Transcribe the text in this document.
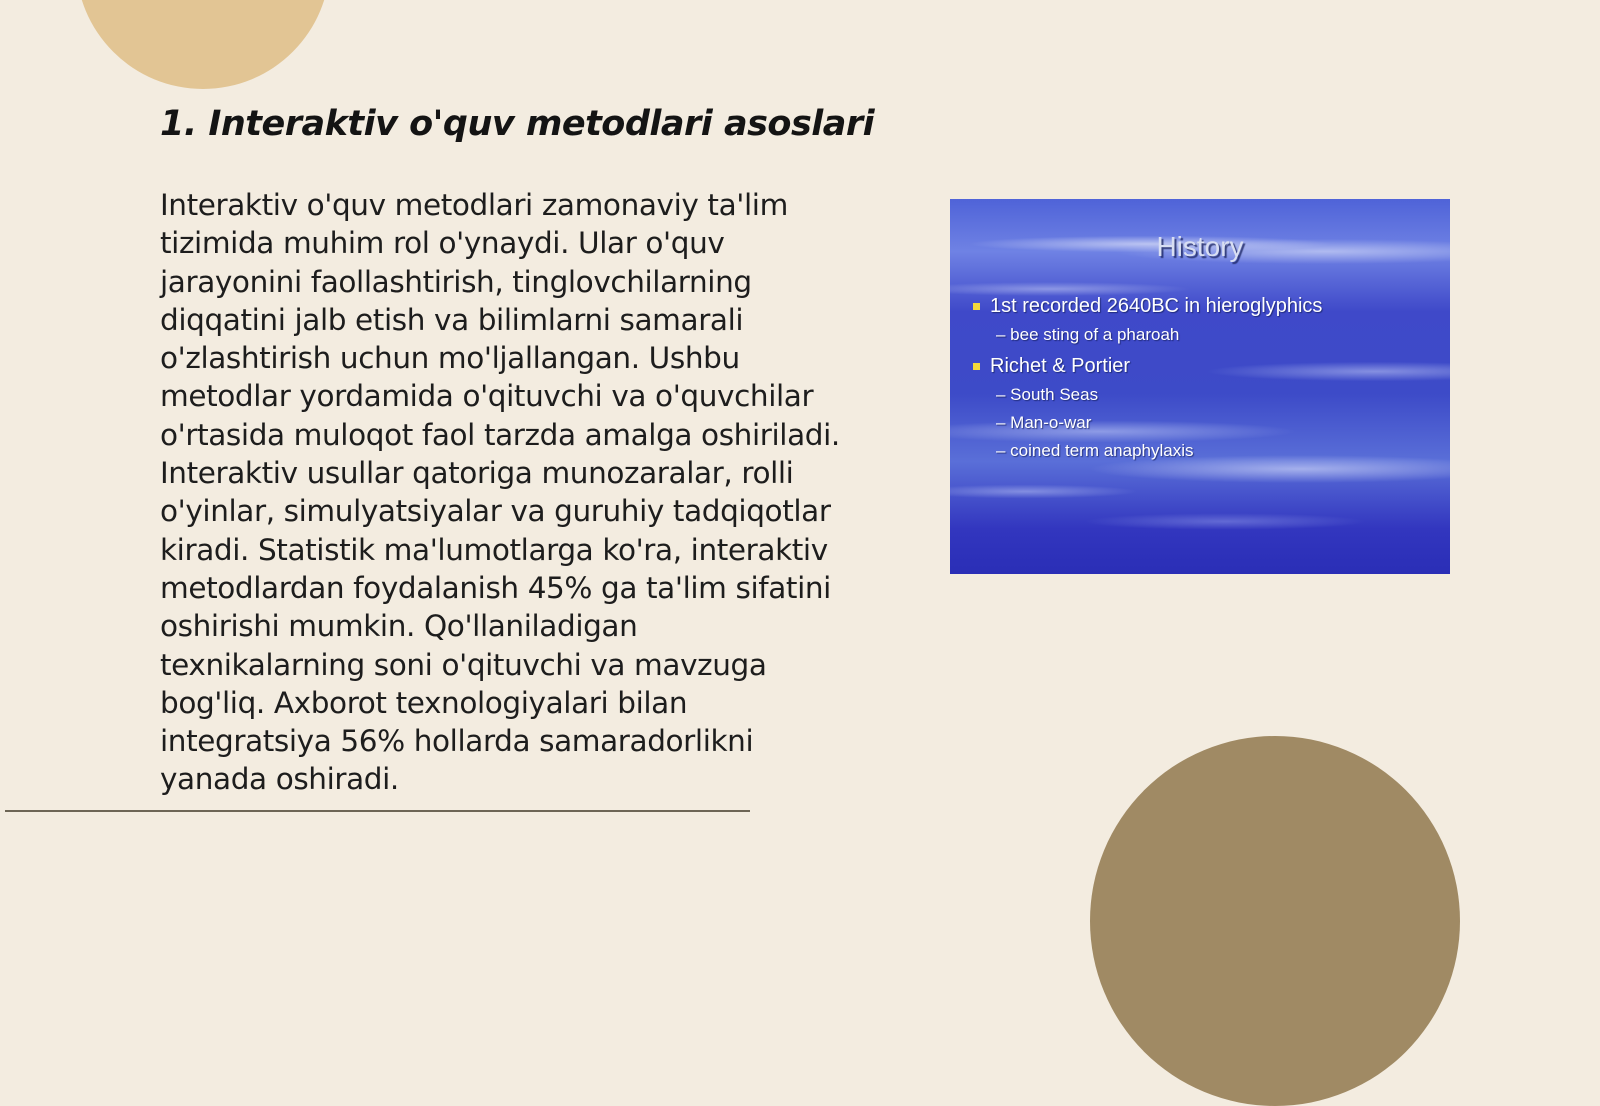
1. Interaktiv o'quv metodlari asoslari

Interaktiv o'quv metodlari zamonaviy ta'lim tizimida muhim rol o'ynaydi. Ular o'quv jarayonini faollashtirish, tinglovchilarning diqqatini jalb etish va bilimlarni samarali o'zlashtirish uchun mo'ljallangan. Ushbu metodlar yordamida o'qituvchi va o'quvchilar o'rtasida muloqot faol tarzda amalga oshiriladi. Interaktiv usullar qatoriga munozaralar, rolli o'yinlar, simulyatsiyalar va guruhiy tadqiqotlar kiradi. Statistik ma'lumotlarga ko'ra, interaktiv metodlardan foydalanish 45% ga ta'lim sifatini oshirishi mumkin. Qo'llaniladigan texnikalarning soni o'qituvchi va mavzuga bog'liq. Axborot texnologiyalari bilan integratsiya 56% hollarda samaradorlikni yanada oshiradi.

History
1st recorded 2640BC in hieroglyphics
– bee sting of a pharoah
Richet & Portier
– South Seas
– Man-o-war
– coined term anaphylaxis
